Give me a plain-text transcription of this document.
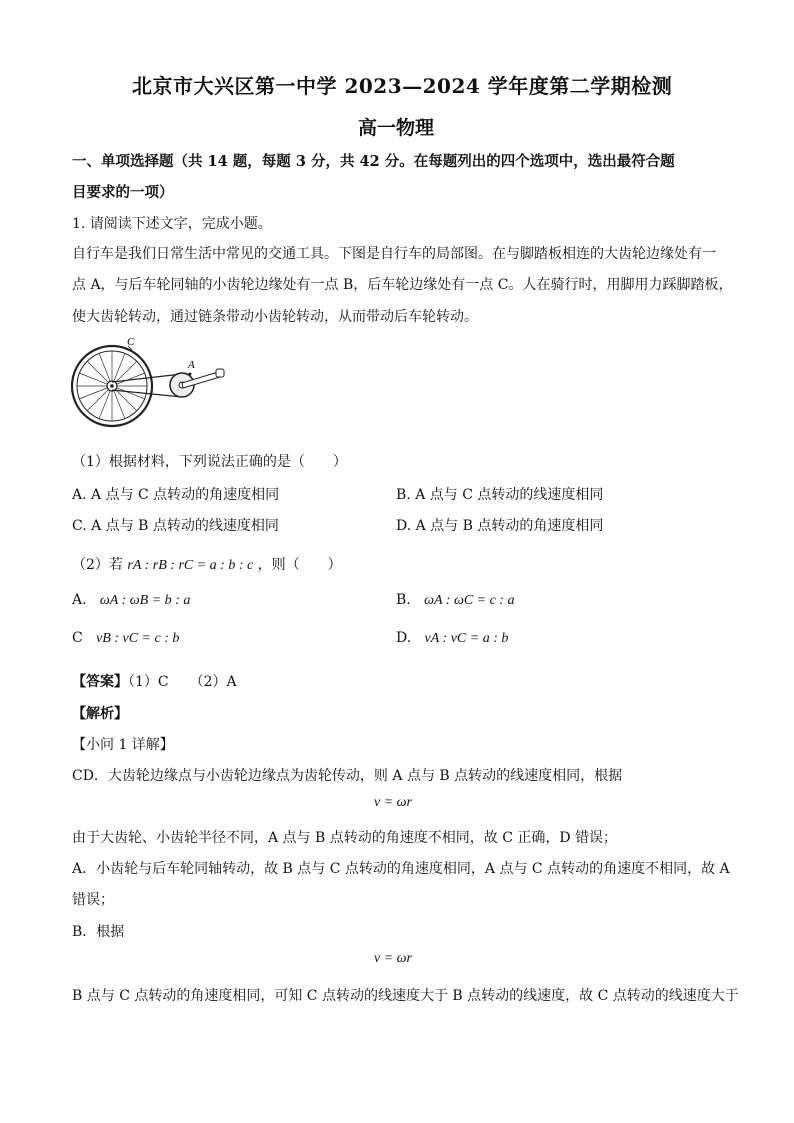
北京市大兴区第一中学 2023—2024 学年度第二学期检测
高一物理
一、单项选择题（共 14 题，每题 3 分，共 42 分。在每题列出的四个选项中，选出最符合题
目要求的一项）
1. 请阅读下述文字，完成小题。
自行车是我们日常生活中常见的交通工具。下图是自行车的局部图。在与脚踏板相连的大齿轮边缘处有一
点 A，与后车轮同轴的小齿轮边缘处有一点 B，后车轮边缘处有一点 C。人在骑行时，用脚用力踩脚踏板，
使大齿轮转动，通过链条带动小齿轮转动，从而带动后车轮转动。
C
A
（1）根据材料，下列说法正确的是（　　）
A. A 点与 C 点转动的角速度相同	B. A 点与 C 点转动的线速度相同
C. A 点与 B 点转动的线速度相同	D. A 点与 B 点转动的角速度相同
（2）若 rA : rB : rC = a : b : c ，则（　　）
A. ωA : ωB = b : a	B. ωA : ωC = c : a
C vB : vC = c : b	D. vA : vC = a : b
【答案】（1）C　　（2）A
【解析】
【小问 1 详解】
CD．大齿轮边缘点与小齿轮边缘点为齿轮传动，则 A 点与 B 点转动的线速度相同，根据
v = ωr
由于大齿轮、小齿轮半径不同，A 点与 B 点转动的角速度不相同，故 C 正确，D 错误；
A．小齿轮与后车轮同轴转动，故 B 点与 C 点转动的角速度相同，A 点与 C 点转动的角速度不相同，故 A
错误；
B．根据
v = ωr
B 点与 C 点转动的角速度相同，可知 C 点转动的线速度大于 B 点转动的线速度，故 C 点转动的线速度大于
